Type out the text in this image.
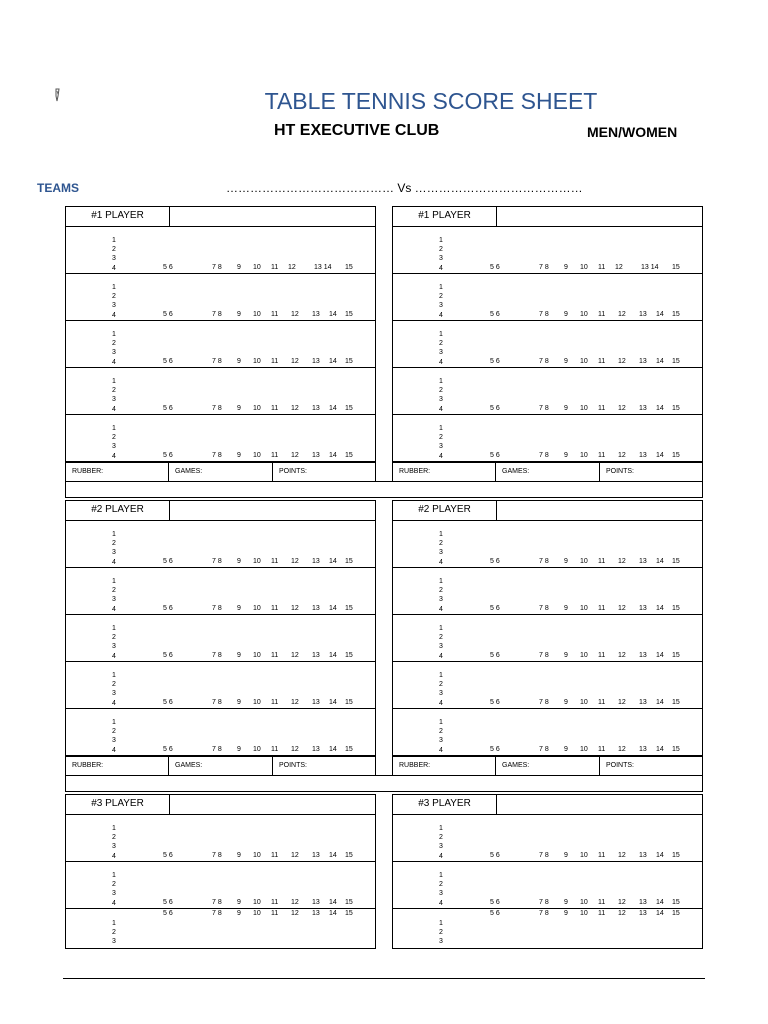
TABLE TENNIS SCORE SHEET
HT EXECUTIVE CLUB	MEN/WOMEN
TEAMS	…………………………………… Vs ……………………………………
#1 PLAYER
1
2
3
4	5 6	7 8 9 10 11 12	13 14 15
1
2
3
4	5 6	7 8 9 10 11 12 13 14 15
1
2
3
4	5 6	7 8 9 10 11 12 13 14 15
1
2
3
4	5 6	7 8 9 10 11 12 13 14 15
1
2
3
4	5 6	7 8 9 10 11 12 13 14 15
RUBBER:	GAMES:	POINTS:
#1 PLAYER
1
2
3
4	5 6	7 8 9 10 11 12	13 14 15
1
2
3
4	5 6	7 8 9 10 11 12 13 14 15
1
2
3
4	5 6	7 8 9 10 11 12 13 14 15
1
2
3
4	5 6	7 8 9 10 11 12 13 14 15
1
2
3
4	5 6	7 8 9 10 11 12 13 14 15
RUBBER:	GAMES:	POINTS:
#2 PLAYER
1
2
3
4	5 6	7 8 9 10 11 12 13 14 15
1
2
3
4	5 6	7 8 9 10 11 12 13 14 15
1
2
3
4	5 6	7 8 9 10 11 12 13 14 15
1
2
3
4	5 6	7 8 9 10 11 12 13 14 15
1
2
3
4	5 6	7 8 9 10 11 12 13 14 15
RUBBER:	GAMES:	POINTS:
#2 PLAYER
1
2
3
4	5 6	7 8 9 10 11 12 13 14 15
1
2
3
4	5 6	7 8 9 10 11 12 13 14 15
1
2
3
4	5 6	7 8 9 10 11 12 13 14 15
1
2
3
4	5 6	7 8 9 10 11 12 13 14 15
1
2
3
4	5 6	7 8 9 10 11 12 13 14 15
RUBBER:	GAMES:	POINTS:
#3 PLAYER
1
2
3
4	5 6	7 8 9 10 11 12 13 14 15
1
2
3
4	5 6	7 8 9 10 11 12 13 14 15
5 6	7 8 9 10 11 12 13 14 15
1
2
3
#3 PLAYER
1
2
3
4	5 6	7 8 9 10 11 12 13 14 15
1
2
3
4	5 6	7 8 9 10 11 12 13 14 15
5 6	7 8 9 10 11 12 13 14 15
1
2
3
